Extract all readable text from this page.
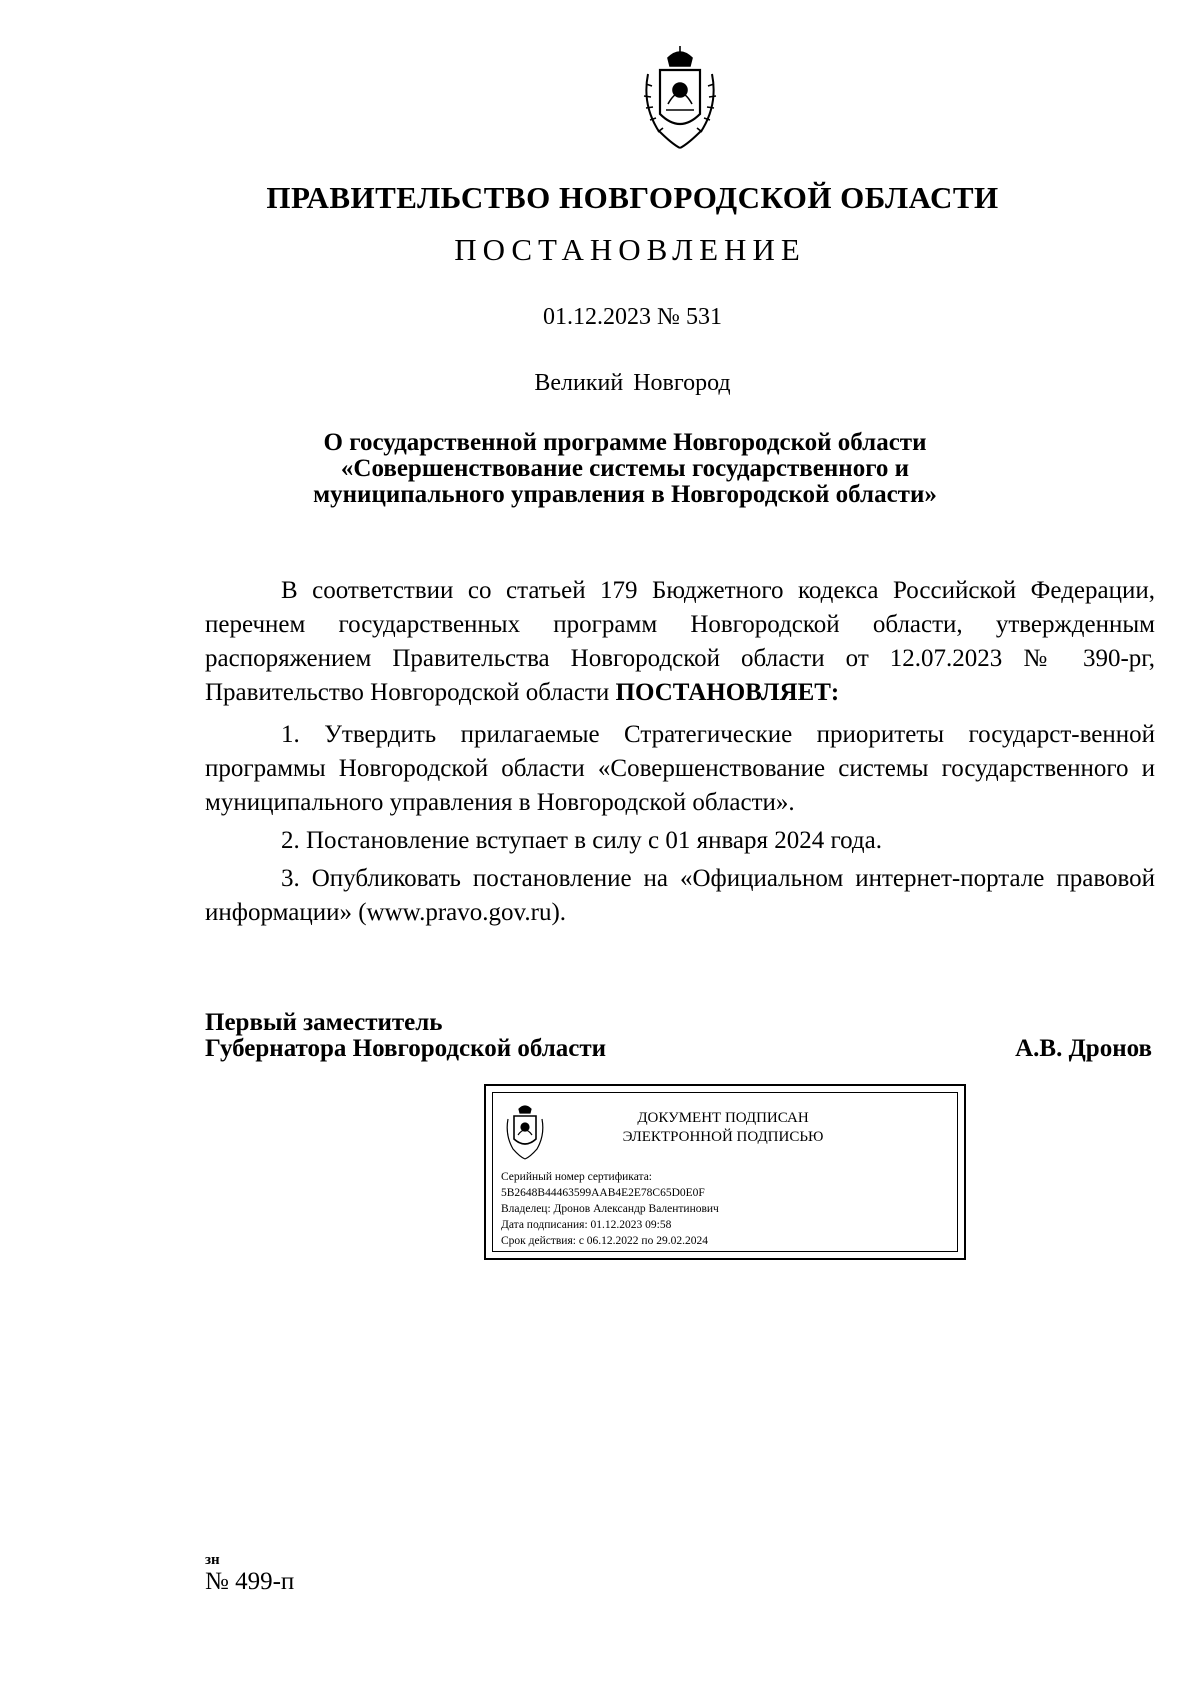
ПРАВИТЕЛЬСТВО НОВГОРОДСКОЙ ОБЛАСТИ
ПОСТАНОВЛЕНИЕ
01.12.2023 № 531
Великий Новгород
О государственной программе Новгородской области
«Совершенствование системы государственного и
муниципального управления в Новгородской области»

В соответствии со статьей 179 Бюджетного кодекса Российской Федерации, перечнем государственных программ Новгородской области, утвержденным распоряжением Правительства Новгородской области от 12.07.2023 № 390-рг, Правительство Новгородской области ПОСТАНОВЛЯЕТ:

1. Утвердить прилагаемые Стратегические приоритеты государст-венной программы Новгородской области «Совершенствование системы государственного и муниципального управления в Новгородской области».

2. Постановление вступает в силу с 01 января 2024 года.

3. Опубликовать постановление на «Официальном интернет-портале правовой информации» (www.pravo.gov.ru).

Первый заместитель
Губернатора Новгородской области	А.В. Дронов
ДОКУМЕНТ ПОДПИСАН
ЭЛЕКТРОННОЙ ПОДПИСЬЮ
Серийный номер сертификата:
5B2648B44463599AAB4E2E78C65D0E0F
Владелец: Дронов Александр Валентинович
Дата подписания: 01.12.2023 09:58
Срок действия: с 06.12.2022 по 29.02.2024
зн
№ 499-п
